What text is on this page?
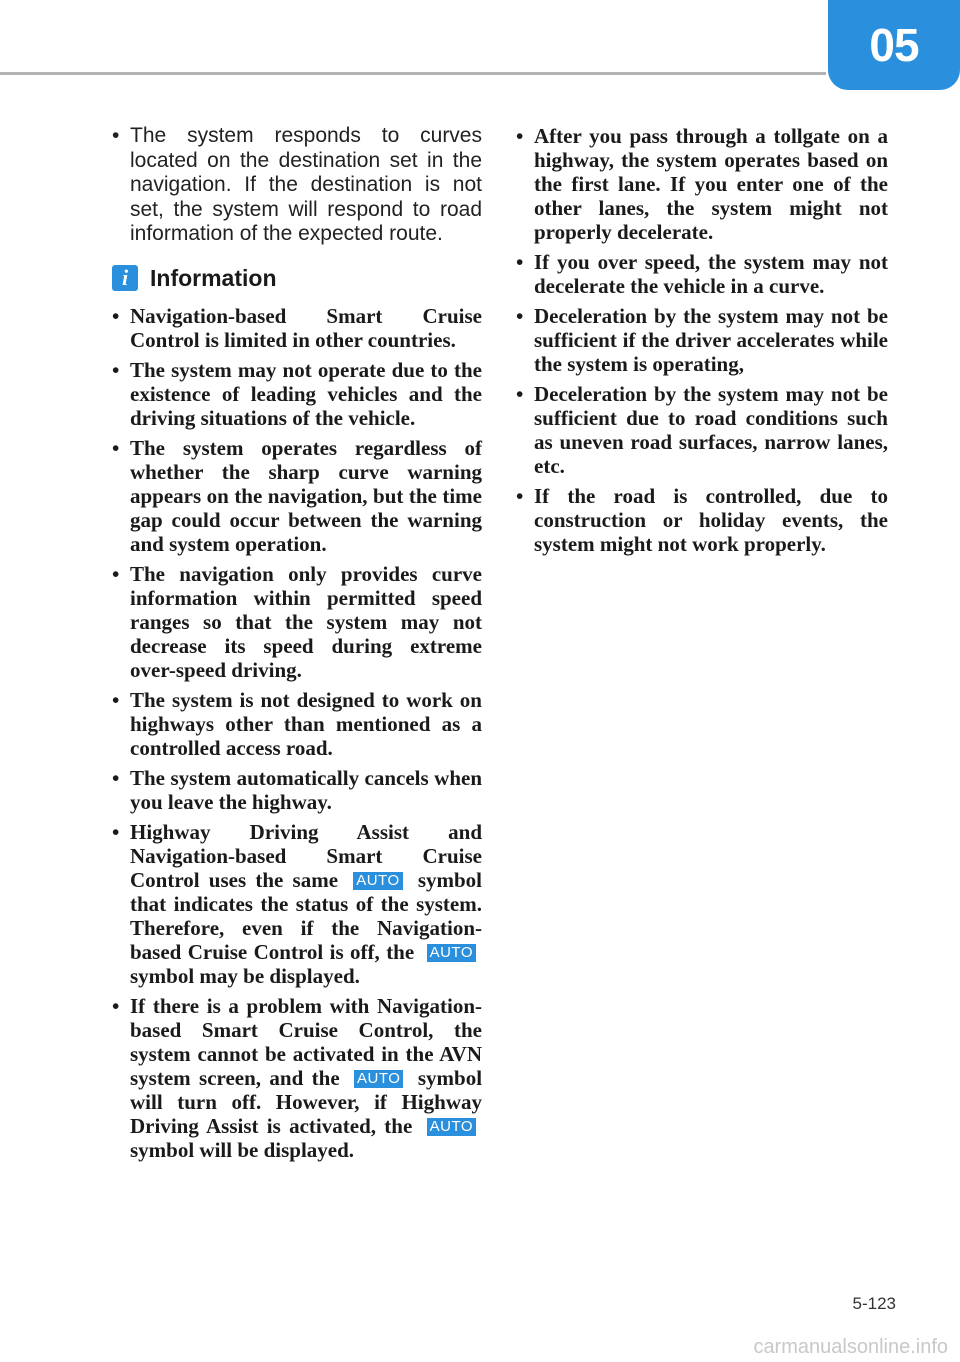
05
• The system responds to curves located on the destination set in the navigation. If the destination is not set, the system will respond to road information of the expected route.
i Information
• Navigation-based Smart Cruise Control is limited in other countries.
• The system may not operate due to the existence of leading vehicles and the driving situations of the vehicle.
• The system operates regardless of whether the sharp curve warning appears on the navigation, but the time gap could occur between the warning and system operation.
• The navigation only provides curve information within permitted speed ranges so that the system may not decrease its speed during extreme over-speed driving.
• The system is not designed to work on highways other than mentioned as a controlled access road.
• The system automatically cancels when you leave the highway.
• Highway Driving Assist and Navigation-based Smart Cruise Control uses the same AUTO symbol that indicates the status of the system. Therefore, even if the Navigation-based Cruise Control is off, the AUTO symbol may be displayed.
• If there is a problem with Navigation-based Smart Cruise Control, the system cannot be activated in the AVN system screen, and the AUTO symbol will turn off. However, if Highway Driving Assist is activated, the AUTO symbol will be displayed.
• After you pass through a tollgate on a highway, the system operates based on the first lane. If you enter one of the other lanes, the system might not properly decelerate.
• If you over speed, the system may not decelerate the vehicle in a curve.
• Deceleration by the system may not be sufficient if the driver accelerates while the system is operating,
• Deceleration by the system may not be sufficient due to road conditions such as uneven road surfaces, narrow lanes, etc.
• If the road is controlled, due to construction or holiday events, the system might not work properly.
5-123
carmanualsonline.info
